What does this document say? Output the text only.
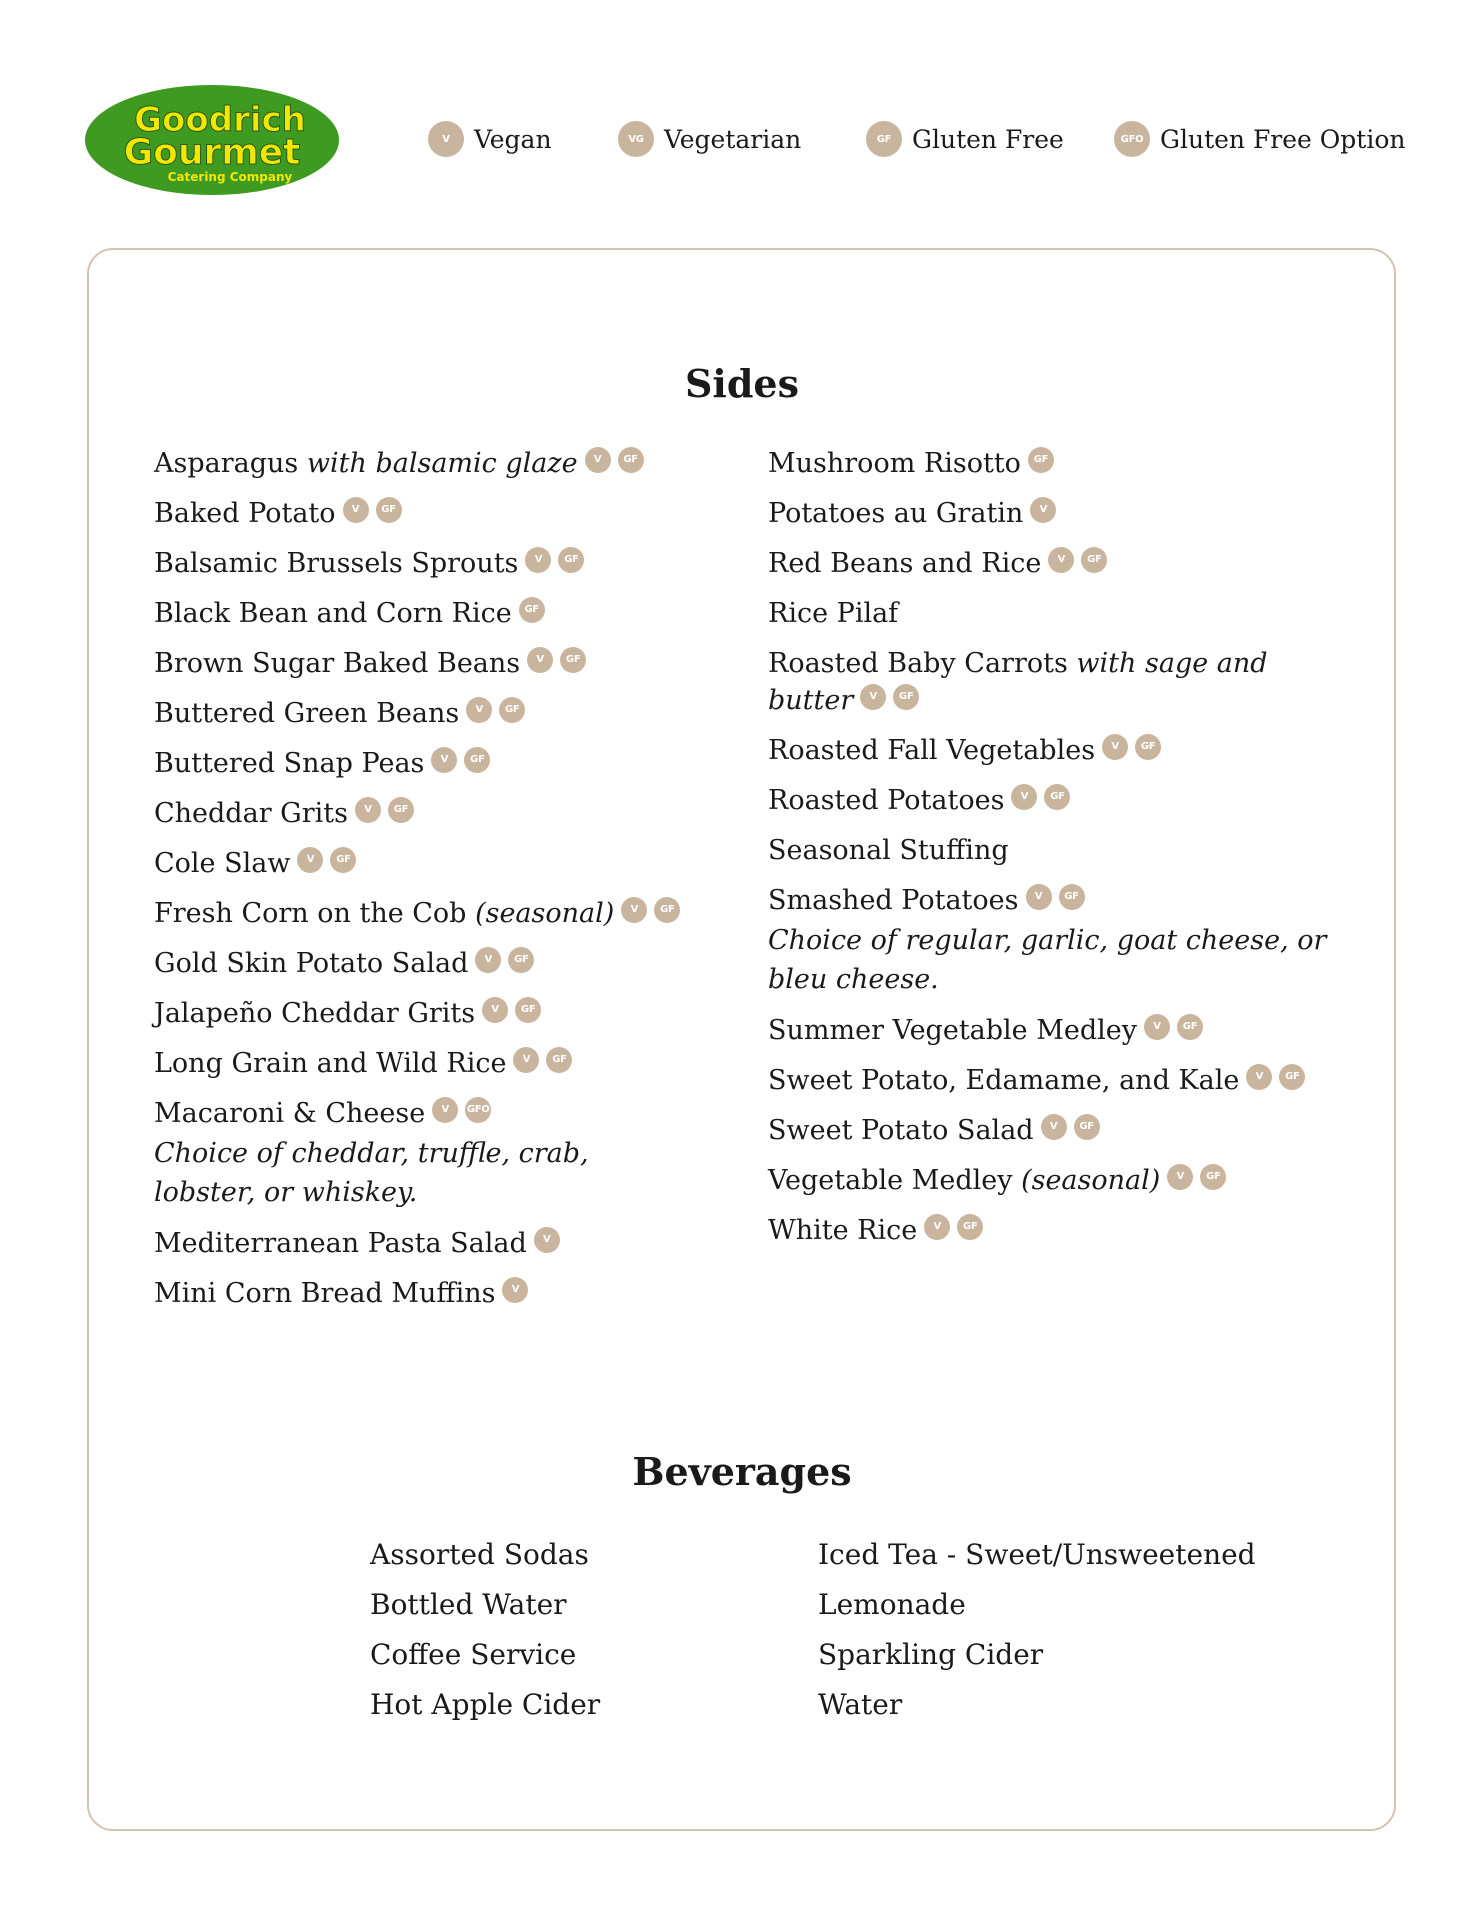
Goodrich
Gourmet
Catering Company
V Vegan	VG Vegetarian	GF Gluten Free	GFO Gluten Free Option
Sides
Asparagus with balsamic glaze V GF
Baked Potato V GF
Balsamic Brussels Sprouts V GF
Black Bean and Corn Rice GF
Brown Sugar Baked Beans V GF
Buttered Green Beans V GF
Buttered Snap Peas V GF
Cheddar Grits V GF
Cole Slaw V GF
Fresh Corn on the Cob (seasonal) V GF
Gold Skin Potato Salad V GF
Jalapeño Cheddar Grits V GF
Long Grain and Wild Rice V GF
Macaroni & Cheese V GFO
Choice of cheddar, truffle, crab, lobster, or whiskey.
Mediterranean Pasta Salad V
Mini Corn Bread Muffins V
Mushroom Risotto GF
Potatoes au Gratin V
Red Beans and Rice V GF
Rice Pilaf
Roasted Baby Carrots with sage and butter V GF
Roasted Fall Vegetables V GF
Roasted Potatoes V GF
Seasonal Stuffing
Smashed Potatoes V GF
Choice of regular, garlic, goat cheese, or bleu cheese.
Summer Vegetable Medley V GF
Sweet Potato, Edamame, and Kale V GF
Sweet Potato Salad V GF
Vegetable Medley (seasonal) V GF
White Rice V GF
Beverages
Assorted Sodas
Bottled Water
Coffee Service
Hot Apple Cider
Iced Tea - Sweet/Unsweetened
Lemonade
Sparkling Cider
Water
